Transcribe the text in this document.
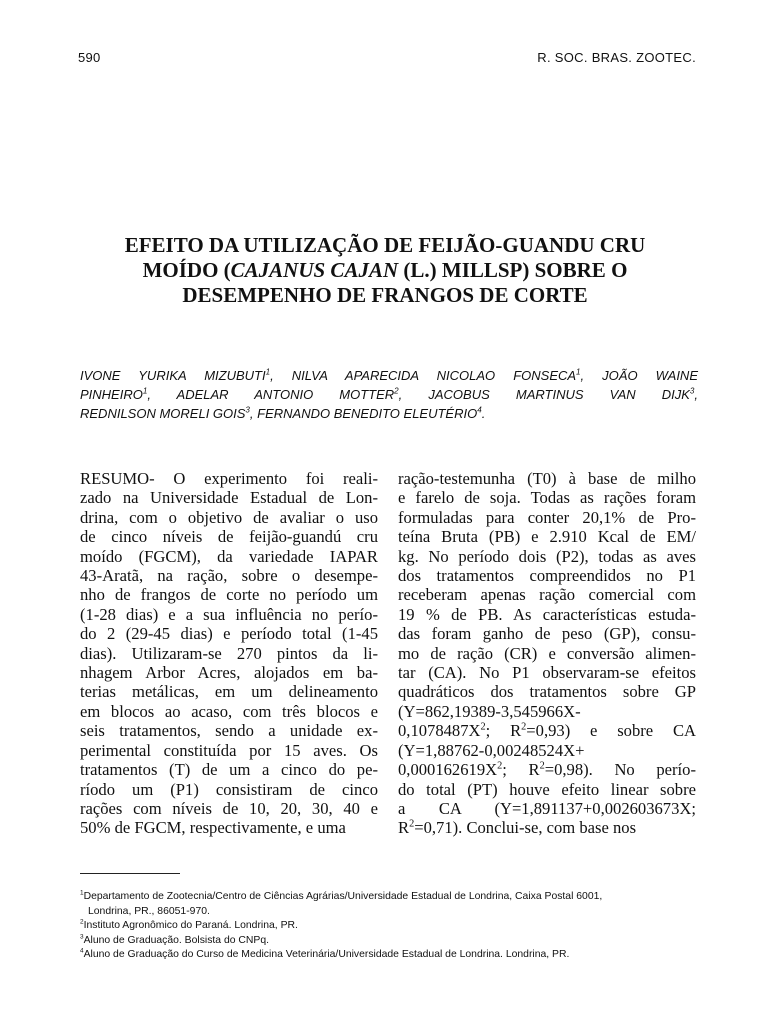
590	R. SOC. BRAS. ZOOTEC.
EFEITO DA UTILIZAÇÃO DE FEIJÃO-GUANDU CRU
MOÍDO (CAJANUS CAJAN (L.) MILLSP) SOBRE O
DESEMPENHO DE FRANGOS DE CORTE
IVONE YURIKA MIZUBUTI$^1$, NILVA APARECIDA NICOLAO FONSECA$^1$, JOÃO WAINE
PINHEIRO$^1$, ADELAR ANTONIO MOTTER$^2$, JACOBUS MARTINUS VAN DIJK$^3$,
REDNILSON MORELI GOIS$^3$, FERNANDO BENEDITO ELEUTÉRIO$^4$.
RESUMO- O experimento foi reali-
zado na Universidade Estadual de Lon-
drina, com o objetivo de avaliar o uso
de cinco níveis de feijão-guandú cru
moído (FGCM), da variedade IAPAR
43-Aratã, na ração, sobre o desempe-
nho de frangos de corte no período um
(1-28 dias) e a sua influência no perío-
do 2 (29-45 dias) e período total (1-45
dias). Utilizaram-se 270 pintos da li-
nhagem Arbor Acres, alojados em ba-
terias metálicas, em um delineamento
em blocos ao acaso, com três blocos e
seis tratamentos, sendo a unidade ex-
perimental constituída por 15 aves. Os
tratamentos (T) de um a cinco do pe-
ríodo um (P1) consistiram de cinco
rações com níveis de 10, 20, 30, 40 e
50% de FGCM, respectivamente, e uma
ração-testemunha (T0) à base de milho
e farelo de soja. Todas as rações foram
formuladas para conter 20,1% de Pro-
teína Bruta (PB) e 2.910 Kcal de EM/
kg. No período dois (P2), todas as aves
dos tratamentos compreendidos no P1
receberam apenas ração comercial com
19 % de PB. As características estuda-
das foram ganho de peso (GP), consu-
mo de ração (CR) e conversão alimen-
tar (CA). No P1 observaram-se efeitos
quadráticos dos tratamentos sobre GP
(Y=862,19389-3,545966X-
$0,1078487X^2$; $R^2=0,93$) e sobre CA
(Y=1,88762-0,00248524X+
$0,000162619X^2$; $R^2=0,98$). No perío-
do total (PT) houve efeito linear sobre
a CA (Y=1,891137+0,002603673X;
$R^2=0,71$). Conclui-se, com base nos
$^1$Departamento de Zootecnia/Centro de Ciências Agrárias/Universidade Estadual de Londrina, Caixa Postal 6001,
Londrina, PR., 86051-970.
$^2$Instituto Agronômico do Paraná. Londrina, PR.
$^3$Aluno de Graduação. Bolsista do CNPq.
$^4$Aluno de Graduação do Curso de Medicina Veterinária/Universidade Estadual de Londrina. Londrina, PR.
